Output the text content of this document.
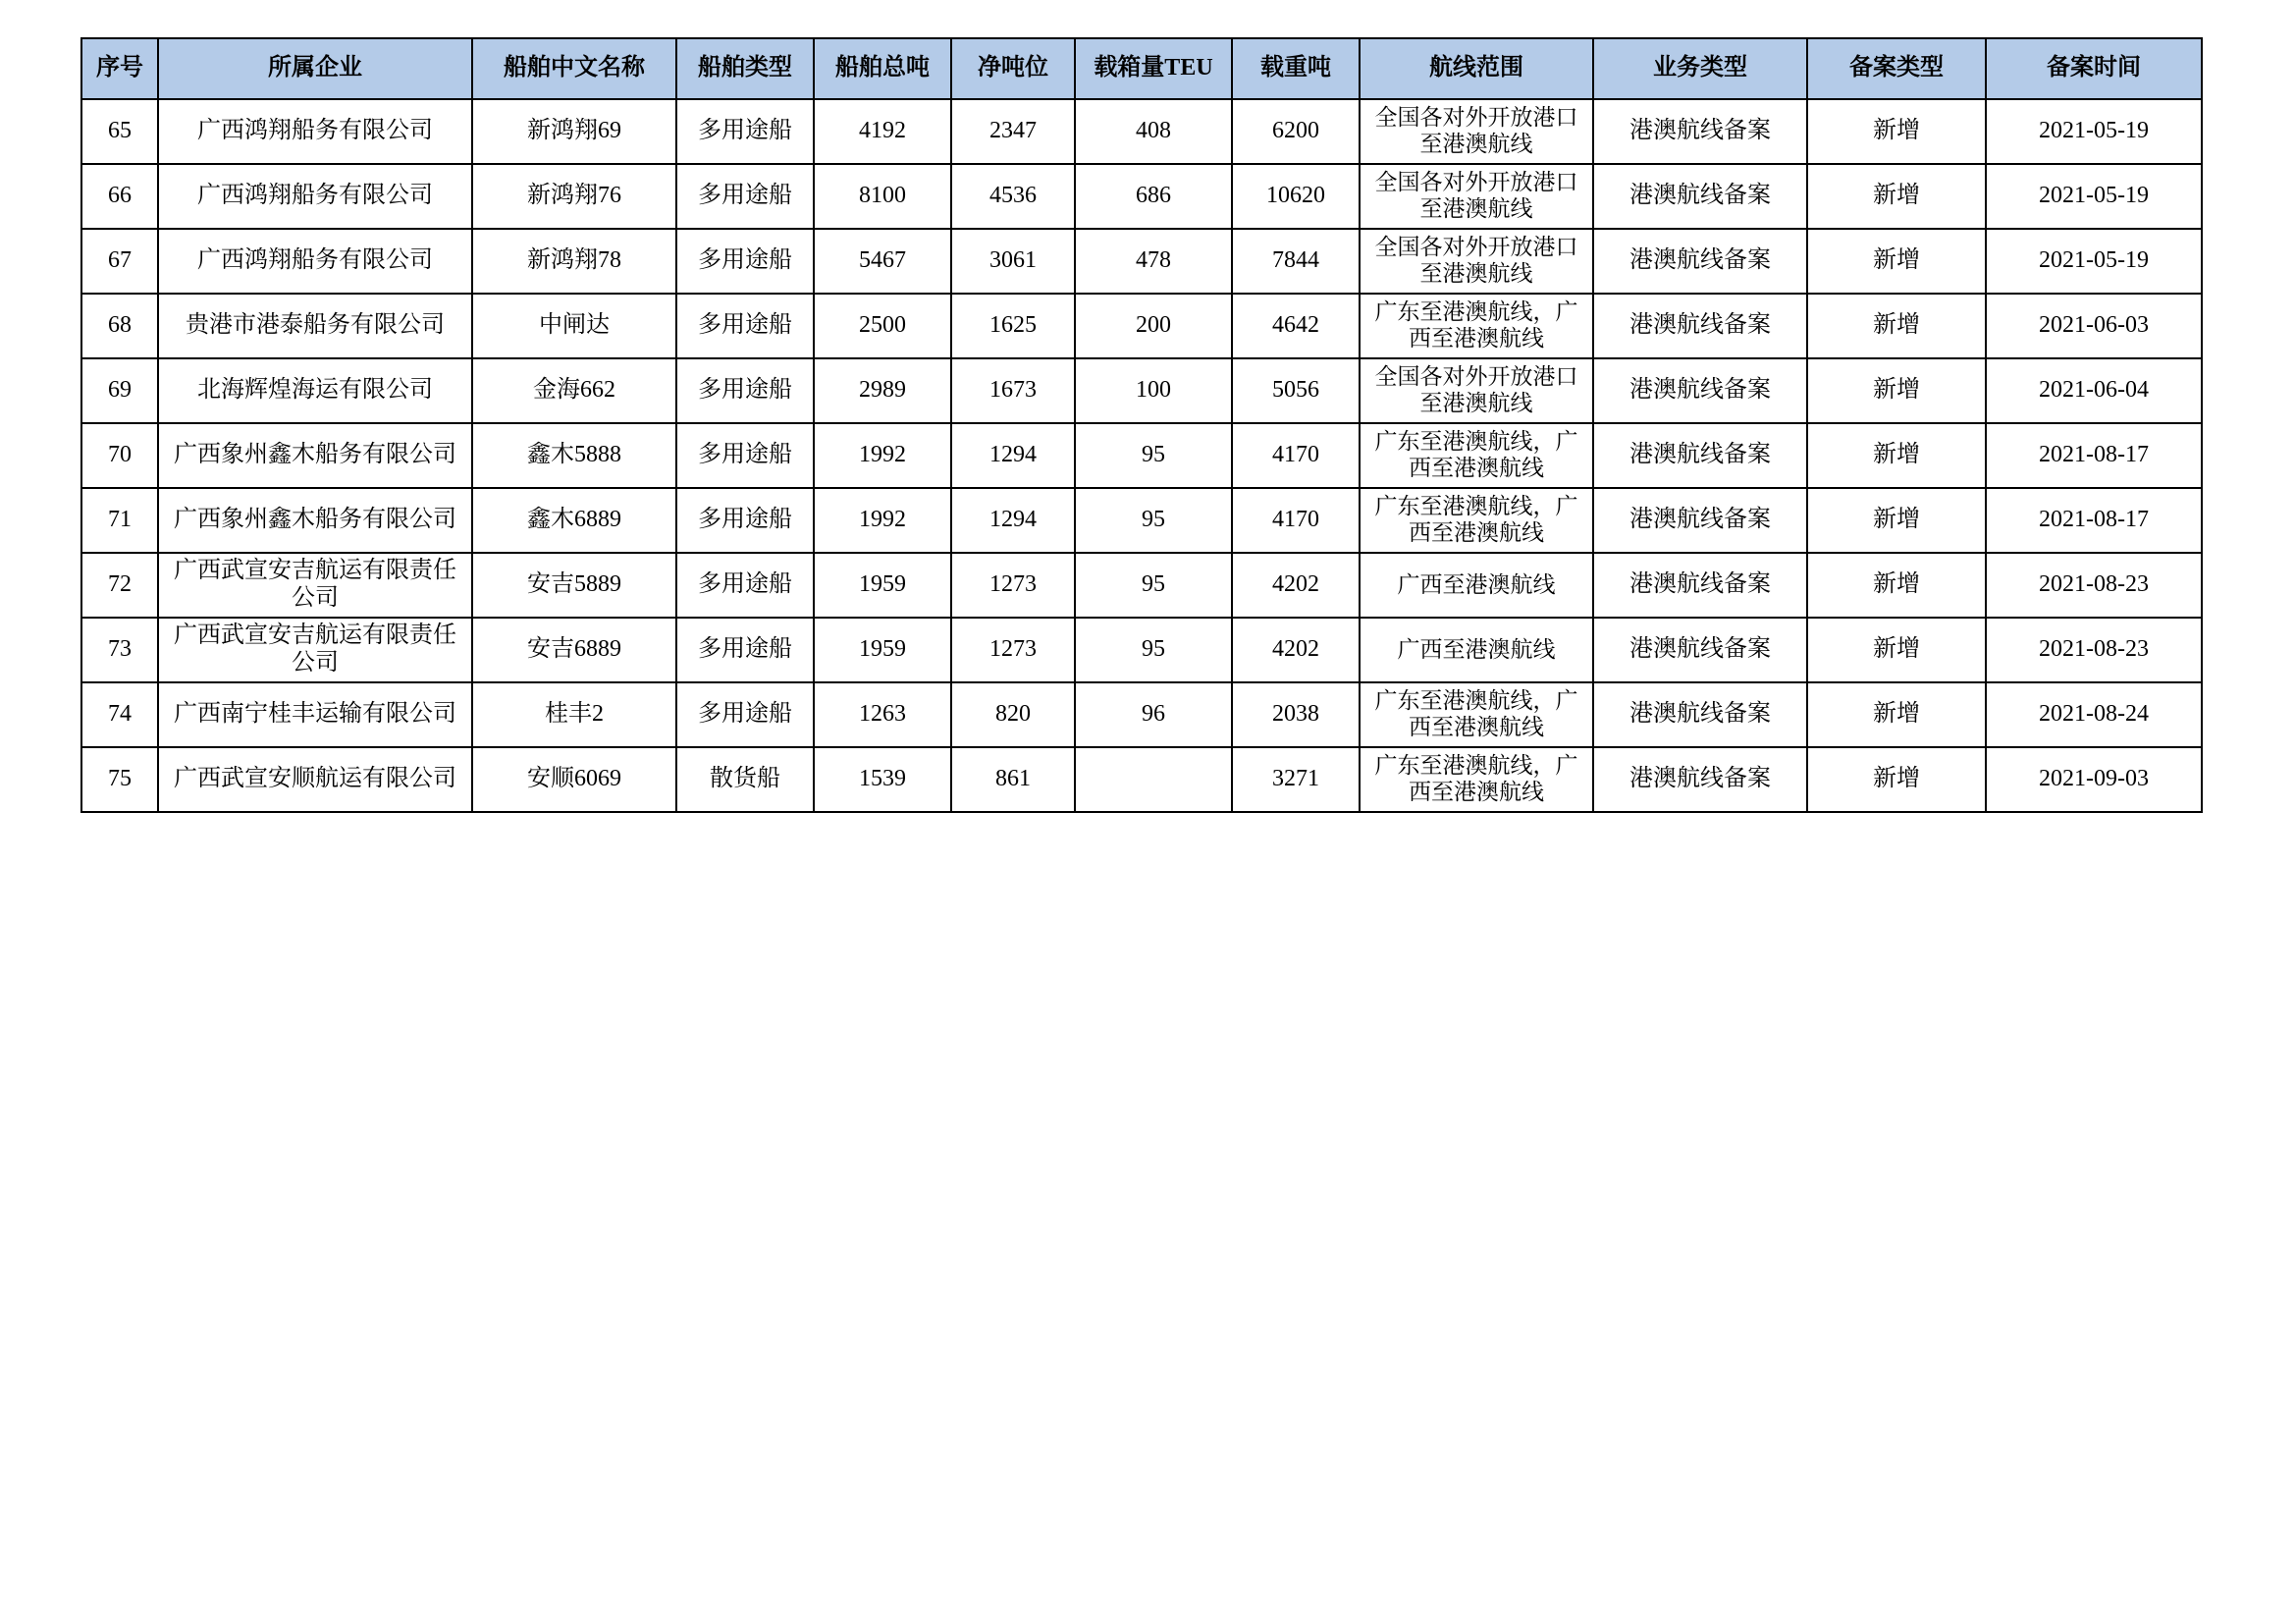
序号	所属企业	船舶中文名称	船舶类型	船舶总吨	净吨位	载箱量TEU	载重吨	航线范围	业务类型	备案类型	备案时间
65	广西鸿翔船务有限公司	新鸿翔69	多用途船	4192	2347	408	6200	全国各对外开放港口至港澳航线	港澳航线备案	新增	2021-05-19
66	广西鸿翔船务有限公司	新鸿翔76	多用途船	8100	4536	686	10620	全国各对外开放港口至港澳航线	港澳航线备案	新增	2021-05-19
67	广西鸿翔船务有限公司	新鸿翔78	多用途船	5467	3061	478	7844	全国各对外开放港口至港澳航线	港澳航线备案	新增	2021-05-19
68	贵港市港泰船务有限公司	中闸达	多用途船	2500	1625	200	4642	广东至港澳航线，广西至港澳航线	港澳航线备案	新增	2021-06-03
69	北海辉煌海运有限公司	金海662	多用途船	2989	1673	100	5056	全国各对外开放港口至港澳航线	港澳航线备案	新增	2021-06-04
70	广西象州鑫木船务有限公司	鑫木5888	多用途船	1992	1294	95	4170	广东至港澳航线，广西至港澳航线	港澳航线备案	新增	2021-08-17
71	广西象州鑫木船务有限公司	鑫木6889	多用途船	1992	1294	95	4170	广东至港澳航线，广西至港澳航线	港澳航线备案	新增	2021-08-17
72	广西武宣安吉航运有限责任公司	安吉5889	多用途船	1959	1273	95	4202	广西至港澳航线	港澳航线备案	新增	2021-08-23
73	广西武宣安吉航运有限责任公司	安吉6889	多用途船	1959	1273	95	4202	广西至港澳航线	港澳航线备案	新增	2021-08-23
74	广西南宁桂丰运输有限公司	桂丰2	多用途船	1263	820	96	2038	广东至港澳航线，广西至港澳航线	港澳航线备案	新增	2021-08-24
75	广西武宣安顺航运有限公司	安顺6069	散货船	1539	861		3271	广东至港澳航线，广西至港澳航线	港澳航线备案	新增	2021-09-03
